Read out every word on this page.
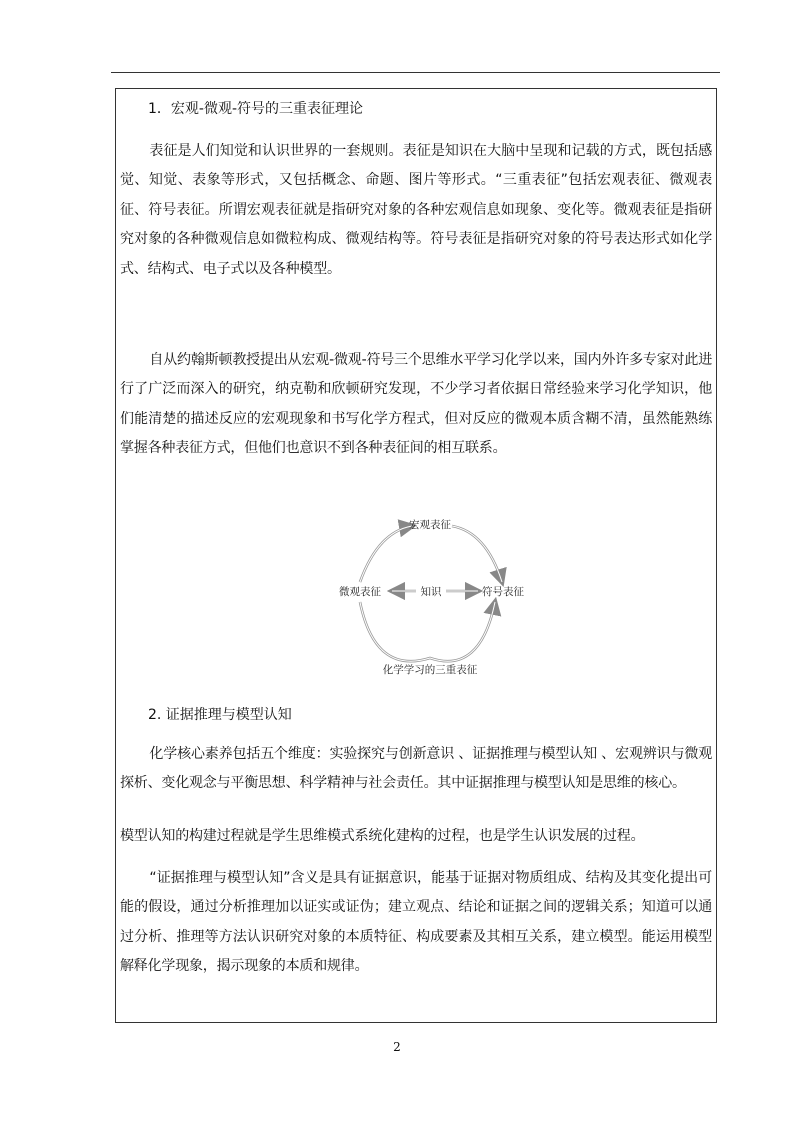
1．宏观-微观-符号的三重表征理论

表征是人们知觉和认识世界的一套规则。表征是知识在大脑中呈现和记载的方式，既包括感觉、知觉、表象等形式，又包括概念、命题、图片等形式。“三重表征”包括宏观表征、微观表征、符号表征。所谓宏观表征就是指研究对象的各种宏观信息如现象、变化等。微观表征是指研究对象的各种微观信息如微粒构成、微观结构等。符号表征是指研究对象的符号表达形式如化学式、结构式、电子式以及各种模型。

自从约翰斯顿教授提出从宏观-微观-符号三个思维水平学习化学以来，国内外许多专家对此进行了广泛而深入的研究，纳克勒和欣顿研究发现，不少学习者依据日常经验来学习化学知识，他们能清楚的描述反应的宏观现象和书写化学方程式，但对反应的微观本质含糊不清，虽然能熟练掌握各种表征方式，但他们也意识不到各种表征间的相互联系。

宏观表征
微观表征	知识	符号表征
化学学习的三重表征
2. 证据推理与模型认知

化学核心素养包括五个维度：实验探究与创新意识 、证据推理与模型认知 、宏观辨识与微观探析、变化观念与平衡思想、科学精神与社会责任。其中证据推理与模型认知是思维的核心。

模型认知的构建过程就是学生思维模式系统化建构的过程，也是学生认识发展的过程。

“证据推理与模型认知”含义是具有证据意识，能基于证据对物质组成、结构及其变化提出可能的假设，通过分析推理加以证实或证伪；建立观点、结论和证据之间的逻辑关系；知道可以通过分析、推理等方法认识研究对象的本质特征、构成要素及其相互关系，建立模型。能运用模型解释化学现象，揭示现象的本质和规律。

2
